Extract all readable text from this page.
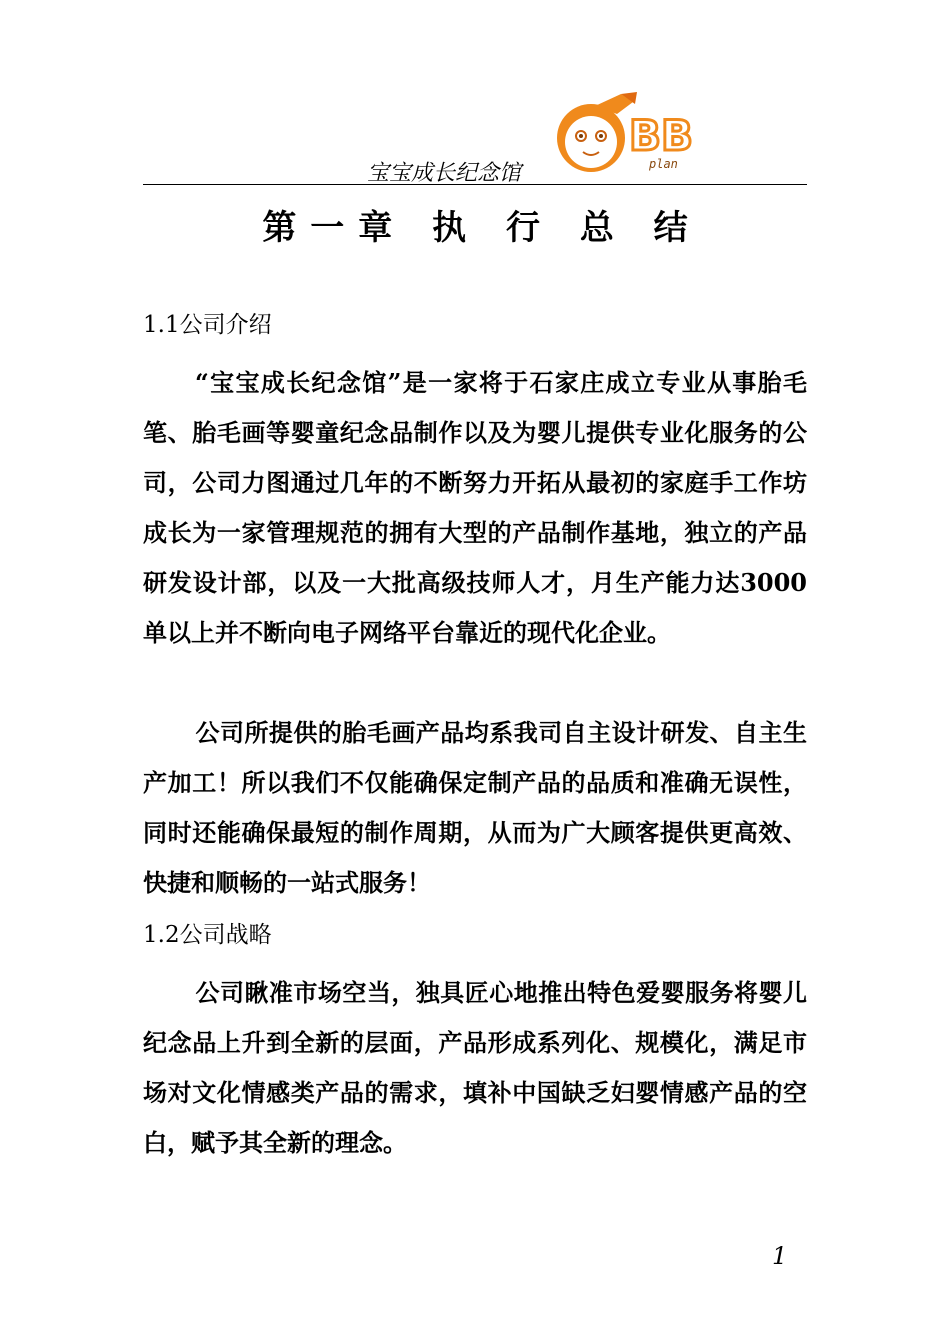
BB
plan
宝宝成长纪念馆
第一章 执 行 总 结
1.1公司介绍
“宝宝成长纪念馆”是一家将于石家庄成立专业从事胎毛笔、胎毛画等婴童纪念品制作以及为婴儿提供专业化服务的公司，公司力图通过几年的不断努力开拓从最初的家庭手工作坊成长为一家管理规范的拥有大型的产品制作基地，独立的产品研发设计部，以及一大批高级技师人才，月生产能力达3000单以上并不断向电子网络平台靠近的现代化企业。
公司所提供的胎毛画产品均系我司自主设计研发、自主生产加工！所以我们不仅能确保定制产品的品质和准确无误性，同时还能确保最短的制作周期，从而为广大顾客提供更高效、快捷和顺畅的一站式服务！
1.2公司战略
公司瞅准市场空当，独具匠心地推出特色爱婴服务将婴儿纪念品上升到全新的层面，产品形成系列化、规模化，满足市场对文化情感类产品的需求，填补中国缺乏妇婴情感产品的空白，赋予其全新的理念。
1
